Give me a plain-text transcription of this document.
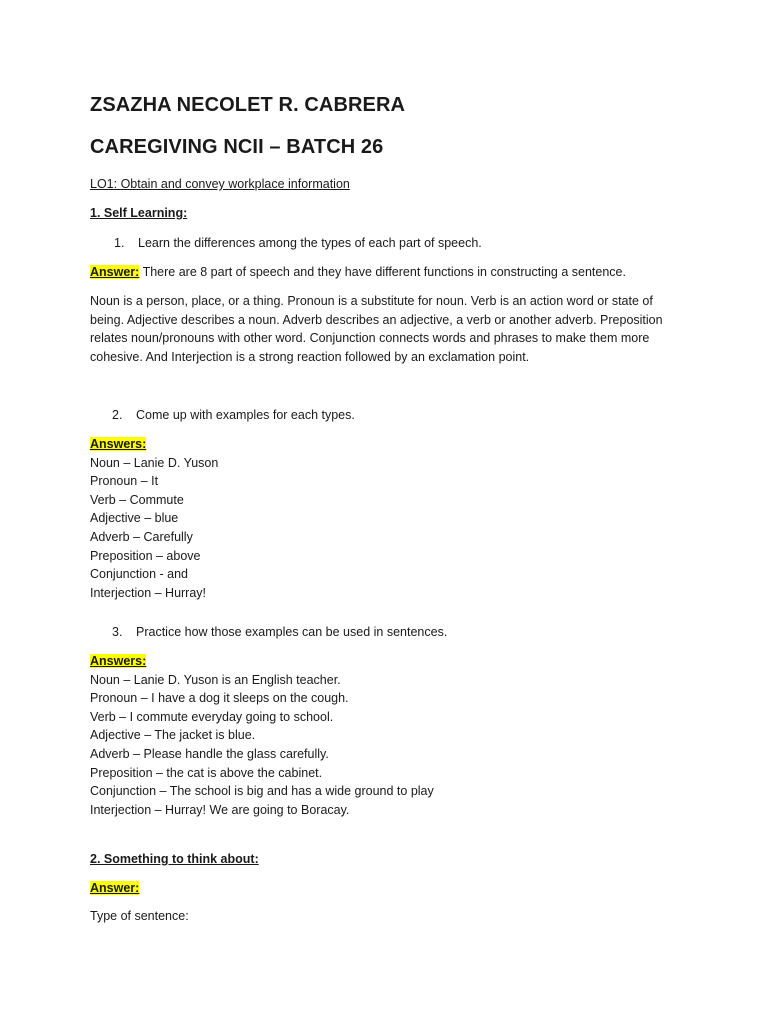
ZSAZHA NECOLET R. CABRERA
CAREGIVING NCII – BATCH 26
LO1: Obtain and convey workplace information
1. Self Learning:
1. Learn the differences among the types of each part of speech.
Answer: There are 8 part of speech and they have different functions in constructing a sentence.
Noun is a person, place, or a thing. Pronoun is a substitute for noun. Verb is an action word or state of being. Adjective describes a noun. Adverb describes an adjective, a verb or another adverb. Preposition relates noun/pronouns with other word. Conjunction connects words and phrases to make them more cohesive. And Interjection is a strong reaction followed by an exclamation point.
2. Come up with examples for each types.
Answers:
Noun – Lanie D. Yuson
Pronoun – It
Verb – Commute
Adjective – blue
Adverb – Carefully
Preposition – above
Conjunction - and
Interjection – Hurray!
3. Practice how those examples can be used in sentences.
Answers:
Noun – Lanie D. Yuson is an English teacher.
Pronoun – I have a dog it sleeps on the cough.
Verb – I commute everyday going to school.
Adjective – The jacket is blue.
Adverb – Please handle the glass carefully.
Preposition – the cat is above the cabinet.
Conjunction – The school is big and has a wide ground to play
Interjection – Hurray! We are going to Boracay.
2. Something to think about:
Answer:
Type of sentence:
